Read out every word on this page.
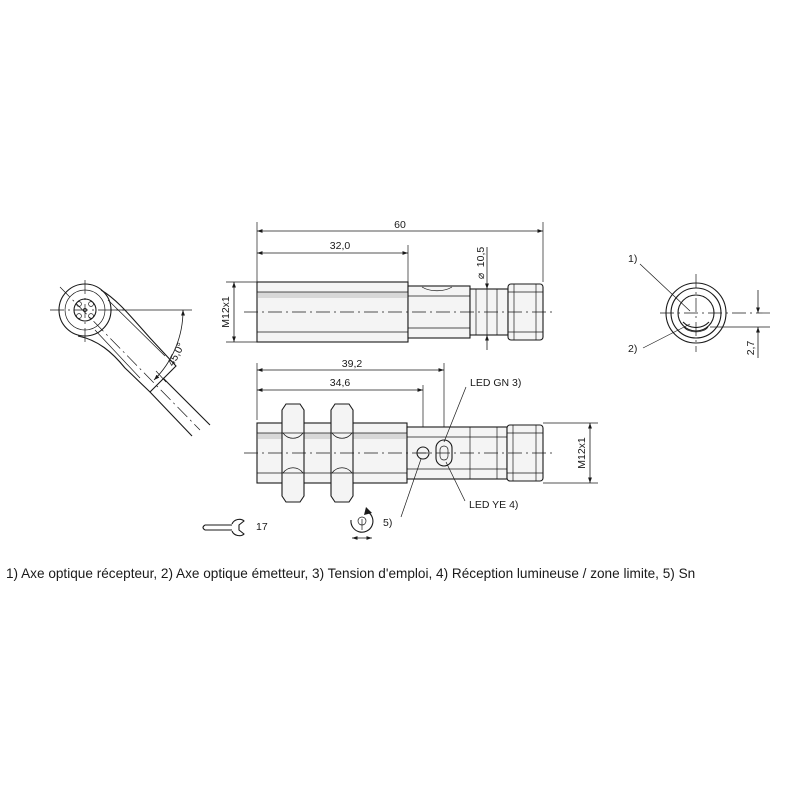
45,0°
60
32,0
M12x1
⌀
10,5
39,2
34,6
M12x1
LED GN 3)
LED YE 4)
5)
17
2,7
1)
2)
1) Axe optique récepteur, 2) Axe optique émetteur, 3) Tension d'emploi, 4) Réception lumineuse / zone limite, 5) Sn
